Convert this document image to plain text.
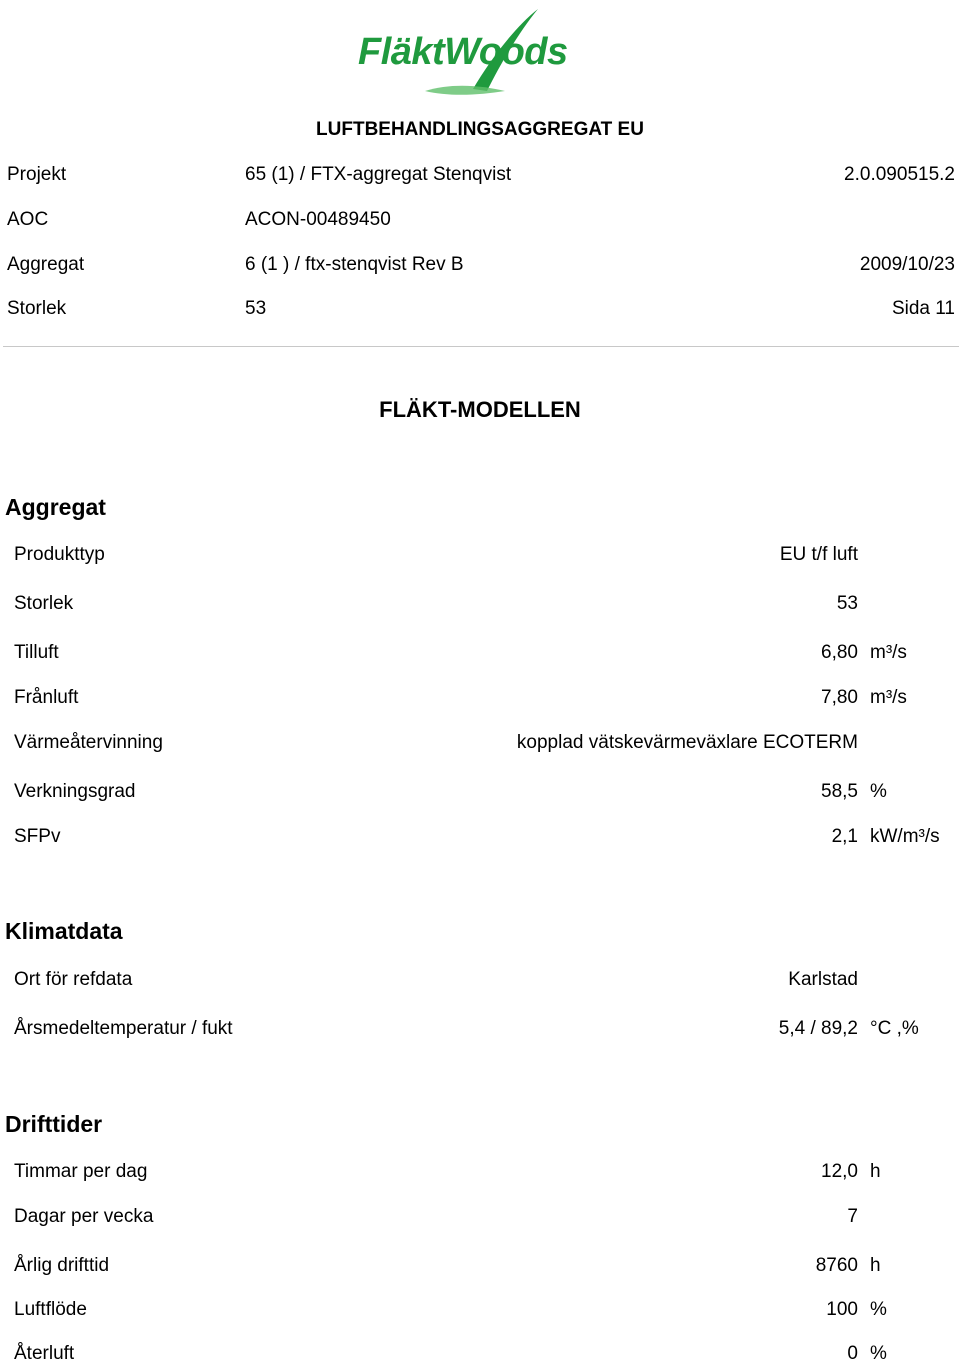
FläktWoods
LUFTBEHANDLINGSAGGREGAT EU
Projekt	65 (1) / FTX-aggregat Stenqvist	2.0.090515.2
AOC	ACON-00489450
Aggregat	6 (1 ) / ftx-stenqvist Rev B	2009/10/23
Storlek	53	Sida 11
FLÄKT-MODELLEN
Aggregat
Produkttyp	EU t/f luft
Storlek	53
Tilluft	6,80 m³/s
Frånluft	7,80 m³/s
Värmeåtervinning	kopplad vätskevärmeväxlare ECOTERM
Verkningsgrad	58,5 %
SFPv	2,1 kW/m³/s
Klimatdata
Ort för refdata	Karlstad
Årsmedeltemperatur / fukt	5,4 / 89,2 °C ,%
Drifttider
Timmar per dag	12,0 h
Dagar per vecka	7
Årlig drifttid	8760 h
Luftflöde	100 %
Återluft	0 %
